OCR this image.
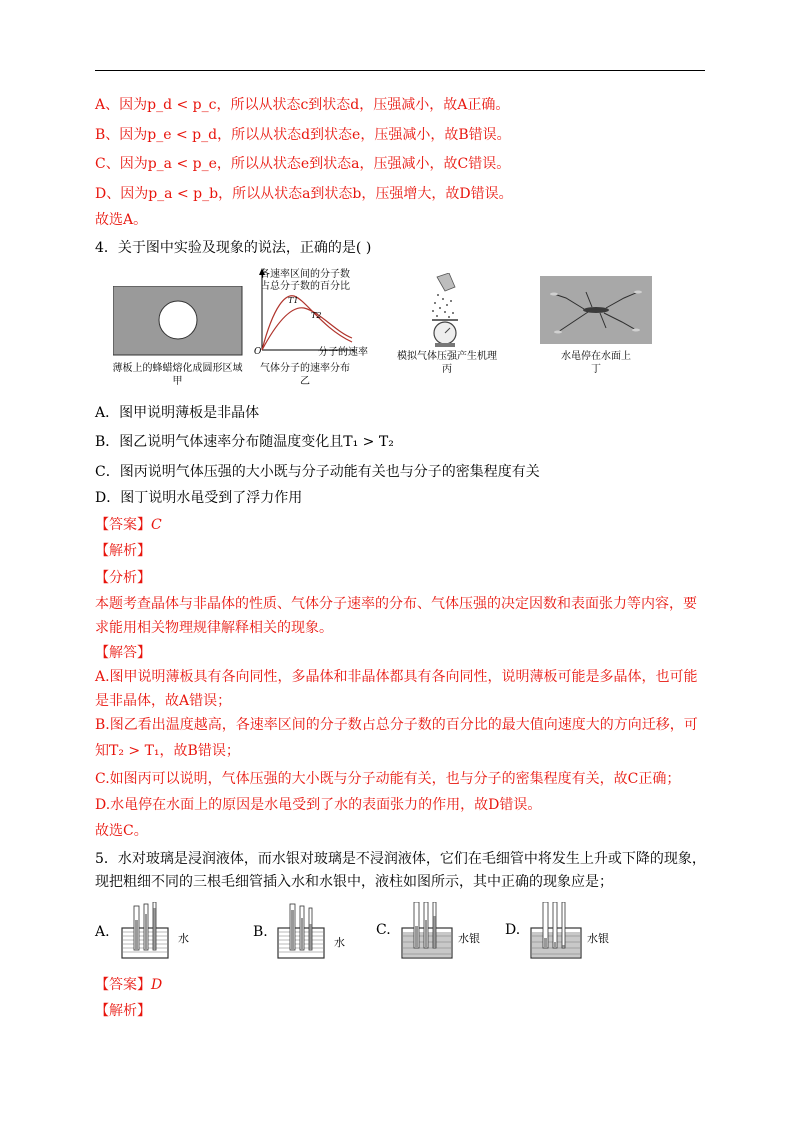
A、因为p_d < p_c，所以从状态c到状态d，压强减小，故A正确。
B、因为p_e < p_d，所以从状态d到状态e，压强减小，故B错误。
C、因为p_a < p_e，所以从状态e到状态a，压强减小，故C错误。
D、因为p_a < p_b，所以从状态a到状态b，压强增大，故D错误。
故选A。
4．关于图中实验及现象的说法，正确的是( )
薄板上的蜂蜡熔化成圆形区域
甲
各速率区间的分子数
占总分子数的百分比
T1
T2
O	分子的速率
气体分子的速率分布
乙
模拟气体压强产生机理
丙
水黾停在水面上
丁
A．图甲说明薄板是非晶体
B．图乙说明气体速率分布随温度变化且T₁ > T₂
C．图丙说明气体压强的大小既与分子动能有关也与分子的密集程度有关
D．图丁说明水黾受到了浮力作用
【答案】C
【解析】
【分析】
本题考查晶体与非晶体的性质、气体分子速率的分布、气体压强的决定因数和表面张力等内容，要
求能用相关物理规律解释相关的现象。
【解答】
A.图甲说明薄板具有各向同性，多晶体和非晶体都具有各向同性，说明薄板可能是多晶体，也可能
是非晶体，故A错误；
B.图乙看出温度越高，各速率区间的分子数占总分子数的百分比的最大值向速度大的方向迁移，可
知T₂ > T₁，故B错误；
C.如图丙可以说明，气体压强的大小既与分子动能有关，也与分子的密集程度有关，故C正确；
D.水黾停在水面上的原因是水黾受到了水的表面张力的作用，故D错误。
故选C。
5．水对玻璃是浸润液体，而水银对玻璃是不浸润液体，它们在毛细管中将发生上升或下降的现象，
现把粗细不同的三根毛细管插入水和水银中，液柱如图所示，其中正确的现象应是；
A.	水	B.
水
C.
水银
D.
水银
【答案】D
【解析】
